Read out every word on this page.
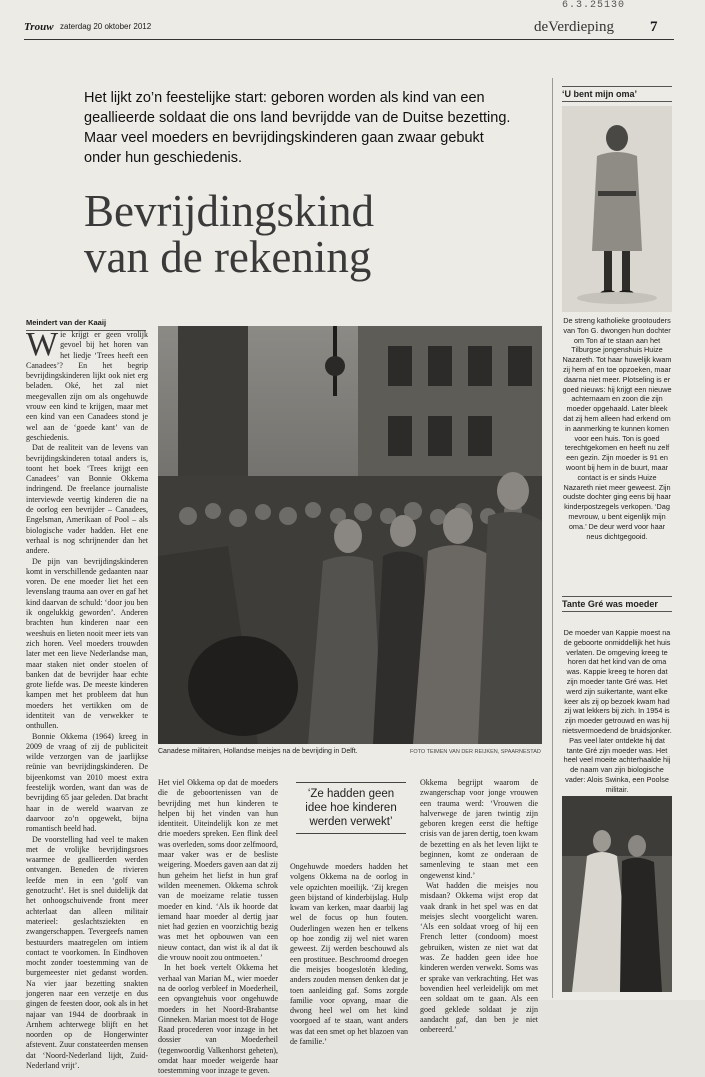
6.3.25130
Trouw zaterdag 20 oktober 2012	deVerdieping 7
Het lijkt zo’n feestelijke start: geboren worden als kind van een geallieerde soldaat die ons land bevrijdde van de Duitse bezetting. Maar veel moeders en bevrijdingskinderen gaan zwaar gebukt onder hun geschiedenis.
Bevrijdingskind
van de rekening
Meindert van der Kaaij

Wie krijgt er geen vrolijk gevoel bij het horen van het liedje ‘Trees heeft een Canadees’? En het begrip bevrijdingskinderen lijkt ook niet erg beladen. Oké, het zal niet meegevallen zijn om als ongehuwde vrouw een kind te krijgen, maar met een kind van een Canadees stond je wel aan de ‘goede kant’ van de geschiedenis.

Dat de realiteit van de levens van bevrijdingskinderen totaal anders is, toont het boek ‘Trees krijgt een Canadees’ van Bonnie Okkema indringend. De freelance journaliste interviewde veertig kinderen die na de oorlog een bevrijder – Canadees, Engelsman, Amerikaan of Pool – als biologische vader hadden. Het ene verhaal is nog schrijnender dan het andere.

De pijn van bevrijdingskinderen komt in verschillende gedaanten naar voren. De ene moeder liet het een levenslang trauma aan over en gaf het kind daarvan de schuld: ‘door jou ben ik ongelukkig geworden’. Anderen brachten hun kinderen naar een weeshuis en lieten nooit meer iets van zich horen. Veel moeders trouwden later met een lieve Nederlandse man, maar staken niet onder stoelen of banken dat de bevrijder haar echte grote liefde was. De meeste kinderen kampen met het probleem dat hun moeders het vertikken om de identiteit van de verwekker te onthullen.

Bonnie Okkema (1964) kreeg in 2009 de vraag of zij de publiciteit wilde verzorgen van de jaarlijkse reünie van bevrijdingskinderen. De bijeenkomst van 2010 moest extra feestelijk worden, want dan was de bevrijding 65 jaar geleden. Dat bracht haar in de wereld waarvan ze daarvoor zo’n opgewekt, bijna romantisch beeld had.

De voorstelling had veel te maken met de vrolijke bevrijdingsroes waarmee de geallieerden werden ontvangen. Beneden de rivieren leefde men in een ‘golf van genotzucht’. Het is snel duidelijk dat het onhoogschuivende front meer achterlaat dan alleen militair materieel: geslachtsziekten en zwangerschappen. Tevergeefs namen bestuurders maatregelen om intiem contact te voorkomen. In Eindhoven mocht zonder toestemming van de burgemeester niet gedanst worden. Na vier jaar bezetting snakten jongeren naar een verzetje en dus gingen de feesten door, ook als in het najaar van 1944 de doorbraak in Arnhem achterwege blijft en het noorden op de Hongerwinter afstevent. Zuur constateerden mensen dat ‘Noord-Nederland lijdt, Zuid-Nederland vrijt’.

Canadese militairen, Hollandse meisjes na de bevrijding in Delft.	FOTO TEIMEN VAN DER REIJKEN, SPAARNESTAD

Het viel Okkema op dat de moeders die de geboortenissen van de bevrijding met hun kinderen te helpen bij het vinden van hun identiteit. Uiteindelijk kon ze met drie moeders spreken. Een flink deel was overleden, soms door zelfmoord, maar vaker was er de besliste weigering. Moeders gaven aan dat zij hun geheim het liefst in hun graf wilden meenemen. Okkema schrok van de moeizame relatie tussen moeder en kind. ‘Als ik hoorde dat iemand haar moeder al dertig jaar niet had gezien en voorzichtig bezig was met het opbouwen van een nieuw contact, dan wist ik al dat ik die vrouw nooit zou ontmoeten.’

In het boek vertelt Okkema het verhaal van Marian M., wier moeder na de oorlog verbleef in Moederheil, een opvangtehuis voor ongehuwde moeders in het Noord-Brabantse Ginneken. Marian moest tot de Hoge Raad procederen voor inzage in het dossier van Moederheil (tegenwoordig Valkenhorst geheten), omdat haar moeder weigerde haar toestemming voor inzage te geven.

‘Ze hadden geen idee hoe kinderen werden verwekt’

Ongehuwde moeders hadden het volgens Okkema na de oorlog in vele opzichten moeilijk. ‘Zij kregen geen bijstand of kinderbijslag. Hulp kwam van kerken, maar daarbij lag wel de focus op hun fouten. Ouderlingen wezen hen er telkens op hoe zondig zij wel niet waren geweest. Zij werden beschouwd als een prostituee. Beschroomd droegen die meisjes boogeslotén kleding, anders zouden mensen denken dat je toen aanleiding gaf. Soms zorgde familie voor opvang, maar die dwong heel wel om het kind voorgoed af te staan, want anders was dat een smet op het blazoen van de familie.’

Okkema begrijpt waarom de zwangerschap voor jonge vrouwen een trauma werd: ‘Vrouwen die halverwege de jaren twintig zijn geboren kregen eerst die heftige crisis van de jaren dertig, toen kwam de bezetting en als het leven lijkt te beginnen, komt ze onderaan de samenleving te staan met een ongewenst kind.’

Wat hadden die meisjes nou misdaan? Okkema wijst erop dat vaak drank in het spel was en dat meisjes slecht voorgelicht waren. ‘Als een soldaat vroeg of hij een French letter (condoom) moest gebruiken, wisten ze niet wat dat was. Ze hadden geen idee hoe kinderen werden verwekt. Soms was er sprake van verkrachting. Het was bovendien heel verleidelijk om met een soldaat om te gaan. Als een goed geklede soldaat je zijn aandacht gaf, dan ben je niet onbereerd.’

‘U bent mijn oma’
De streng katholieke grootouders van Ton G. dwongen hun dochter om Ton af te staan aan het Tilburgse jongenshuis Huize Nazareth. Tot haar huwelijk kwam zij hem af en toe opzoeken, maar daarna niet meer. Plotseling is er goed nieuws: hij krijgt een nieuwe achternaam en zoon die zijn moeder opgehaald. Later bleek dat zij hem alleen had erkend om in aanmerking te kunnen komen voor een huis. Ton is goed terechtgekomen en heeft nu zelf een gezin. Zijn moeder is 91 en woont bij hem in de buurt, maar contact is er sinds Huize Nazareth niet meer geweest. Zijn oudste dochter ging eens bij haar kinderpostzegels verkopen. ‘Dag mevrouw, u bent eigenlijk mijn oma.’ De deur werd voor haar neus dichtgegooid.
Tante Gré was moeder
De moeder van Kappie moest na de geboorte onmiddellijk het huis verlaten. De omgeving kreeg te horen dat het kind van de oma was. Kappie kreeg te horen dat zijn moeder tante Gré was. Het werd zijn suikertante, want elke keer als zij op bezoek kwam had zij wat lekkers bij zich. In 1954 is zijn moeder getrouwd en was hij nietsvermoedend de bruidsjonker. Pas veel later ontdekte hij dat tante Gré zijn moeder was. Het heel veel moeite achterhaalde hij de naam van zijn biologische vader: Alois Swinka, een Poolse militair.
